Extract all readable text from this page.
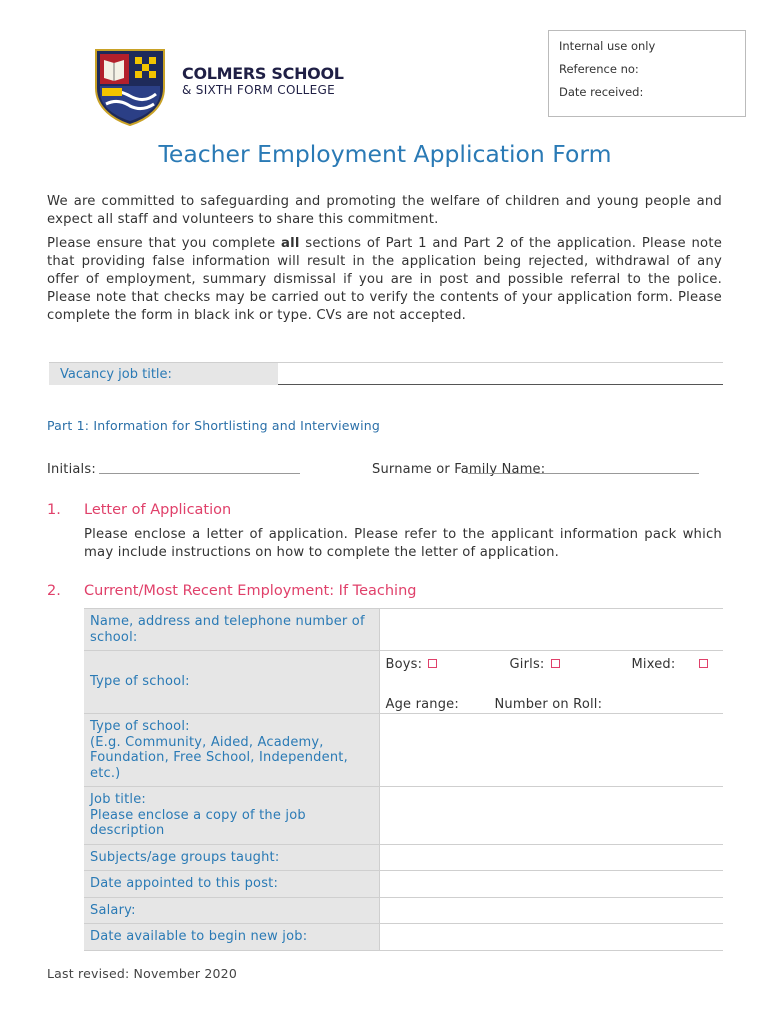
Internal use only
Reference no:
Date received:
COLMERS SCHOOL
& SIXTH FORM COLLEGE
Teacher Employment Application Form
We are committed to safeguarding and promoting the welfare of children and young people and expect all staff and volunteers to share this commitment.
Please ensure that you complete all sections of Part 1 and Part 2 of the application. Please note that providing false information will result in the application being rejected, withdrawal of any offer of employment, summary dismissal if you are in post and possible referral to the police. Please note that checks may be carried out to verify the contents of your application form. Please complete the form in black ink or type. CVs are not accepted.
Vacancy job title:
Part 1: Information for Shortlisting and Interviewing
Initials:	Surname or Family Name:
1. Letter of Application
Please enclose a letter of application. Please refer to the applicant information pack which may include instructions on how to complete the letter of application.
2. Current/Most Recent Employment: If Teaching
Name, address and telephone number of school:	
Type of school:	Boys: Girls: Mixed:
Age range: Number on Roll:

Type of school:
(E.g. Community, Aided, Academy, Foundation, Free School, Independent, etc.)	

Job title:
Please enclose a copy of the job description	

Subjects/age groups taught:	
Date appointed to this post:	
Salary:	
Date available to begin new job:	
Last revised: November 2020
